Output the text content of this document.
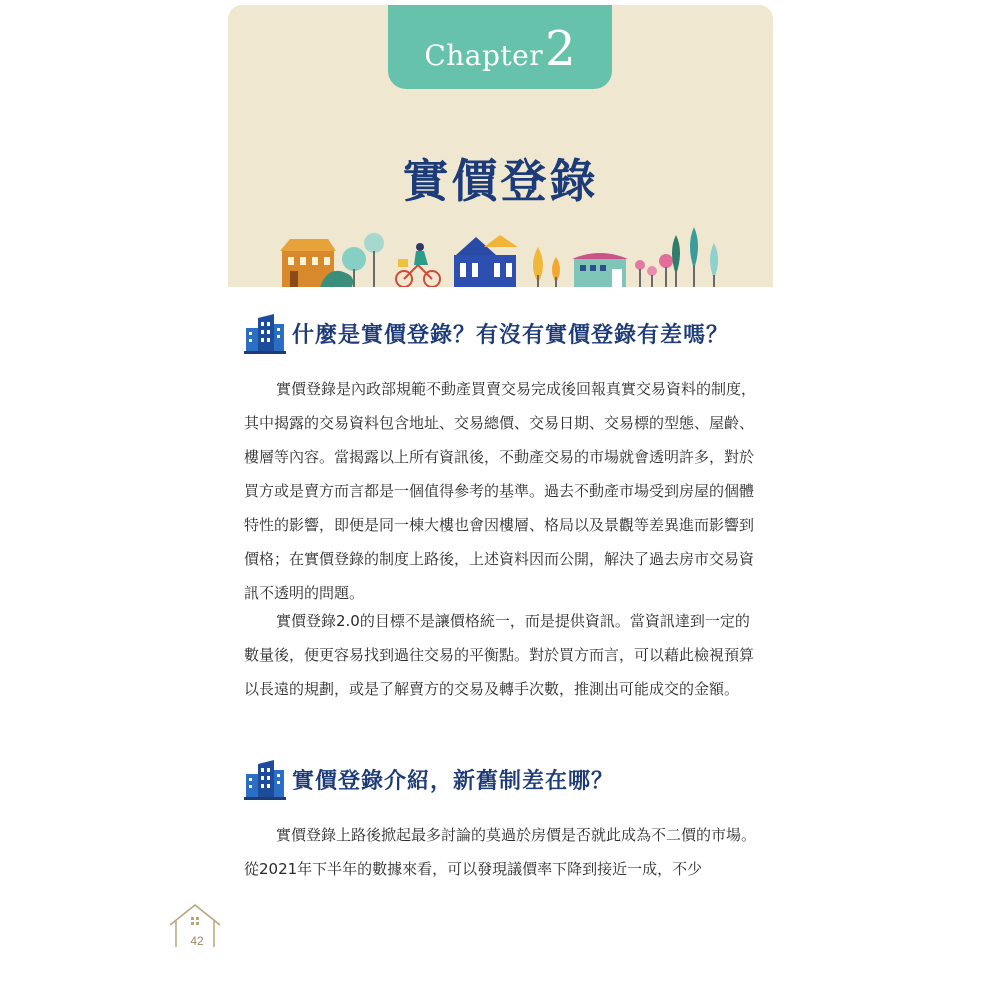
Chapter 2
實價登錄
什麼是實價登錄？有沒有實價登錄有差嗎？
實價登錄是內政部規範不動產買賣交易完成後回報真實交易資料的制度，其中揭露的交易資料包含地址、交易總價、交易日期、交易標的型態、屋齡、樓層等內容。當揭露以上所有資訊後，不動產交易的市場就會透明許多，對於買方或是賣方而言都是一個值得參考的基準。過去不動產市場受到房屋的個體特性的影響，即便是同一棟大樓也會因樓層、格局以及景觀等差異進而影響到價格；在實價登錄的制度上路後，上述資料因而公開，解決了過去房市交易資訊不透明的問題。
實價登錄2.0的目標不是讓價格統一，而是提供資訊。當資訊達到一定的數量後，便更容易找到過往交易的平衡點。對於買方而言，可以藉此檢視預算以長遠的規劃，或是了解賣方的交易及轉手次數，推測出可能成交的金額。
實價登錄介紹，新舊制差在哪？
實價登錄上路後掀起最多討論的莫過於房價是否就此成為不二價的市場。從2021年下半年的數據來看，可以發現議價率下降到接近一成，不少
42
